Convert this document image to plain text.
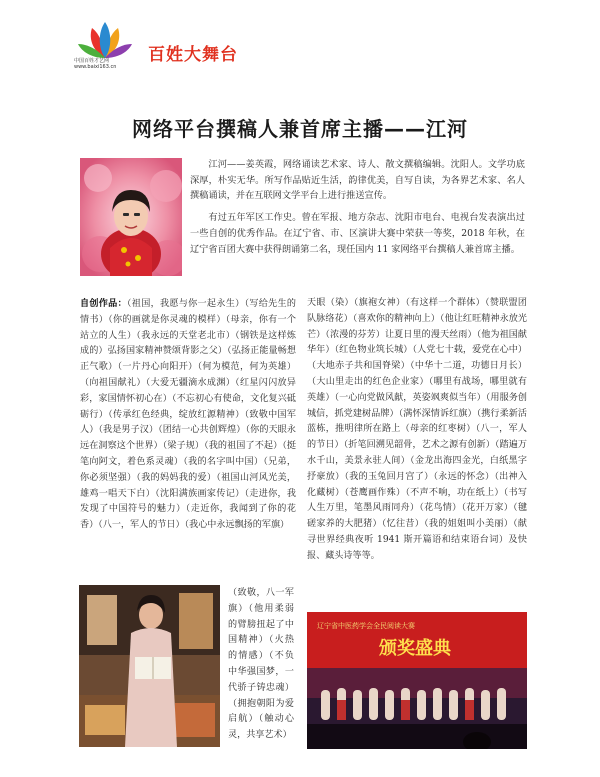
中国百姓才艺网
www.baixi163.cn
百姓大舞台
网络平台撰稿人兼首席主播——江河

江河——姜英霞，网络诵读艺术家、诗人、散文撰稿编辑。沈阳人。文学功底深厚，朴实无华。所写作品贴近生活，韵律优美，自写自读，为各界艺术家、名人撰稿诵读，并在互联网文学平台上进行推送宣传。

有过五年军区工作史。曾在军报、地方杂志、沈阳市电台、电视台发表演出过一些自创的优秀作品。在辽宁省、市、区演讲大赛中荣获一等奖，2018 年秋，在辽宁省百团大赛中获得朗诵第二名，现任国内 11 家网络平台撰稿人兼首席主播。

自创作品：（祖国，我愿与你一起永生）（写给先生的情书）（你的画就是你灵魂的模样）（母亲，你有一个站立的人生）（我永远的天堂老北市）（钢铁是这样炼成的）弘扬国家精神赞颂背影之父）（弘扬正能量畅想正气歌）（一片丹心向阳开）（何为模范，何为英雄）（向祖国献礼）（大爱无疆滴水成渊）（红星闪闪放异彩，家国情怀初心在）（不忘初心有使命，文化复兴砥砺行）（传承红色经典，绽放红源精神）（致敬中国军人）（我是男子汉）（团结一心共创辉煌）（你的天眼永远在洞察这个世界）（梁子规）（我的祖国了不起）（挺笔向阿文，着色系灵魂）（我的名字叫中国）（兄弟，你必须坚强）（我的妈妈我的爱）（祖国山河风光美，雄鸡一唱天下白）（沈阳满族画家传记）（走进你，我发现了中国符号的魅力）（走近你，我闻到了你的花香）（八一，军人的节日）（我心中永远飘扬的军旗）
（致敬，八一军旗）（他用柔弱的臂膀扭起了中国精神）（火热的情感）（不负中华强国梦，一代骄子铸忠魂）（拥抱朝阳为爱启航）（触动心灵，共享艺术）
天眼（染）（旗袍女神）（有这样一个群体）（赞联盟团队脉络花）（喜欢你的精神向上）（他让红旺精神永放光芒）（浓漫的芬芳）让夏日里的漫天丝雨）（他为祖国献华年）（红色物业筑长城）（人党七十载，爱党在心中）（大地赤子共和国脊梁）（中华十二道，功德日月长）（大山里走出的红色企业家）（哪里有战场，哪里就有英雄）（一心向党做风献，英姿飒爽似当年）（用服务创城信，抓党建树品牌）（满怀深情诉红旗）（携行柔新活蓝栋，推明律所在路上（母亲的红枣树）（八一，军人的节日）（折笔回溯见韶骨，艺术之源有创新）（踏遍万水千山，美景永驻人间）（金龙出海四金光，白纸黑字抒豪放）（我的玉兔回月宫了）（永远的怀念）（出神入化藏树）（苍鹰画作殊）（不声不响，功在纸上）（书写人生万里，笔墨风雨同舟）（花鸟情）（花开万家）（毽磋家养的大肥猪）（忆往昔）（我的姐姐叫小美丽）（献寻世界经典夜听 1941 斯开篇语和结束语台词）及快报、藏头诗等等。
辽宁省中医药学会全民阅读大赛
颁奖盛典
